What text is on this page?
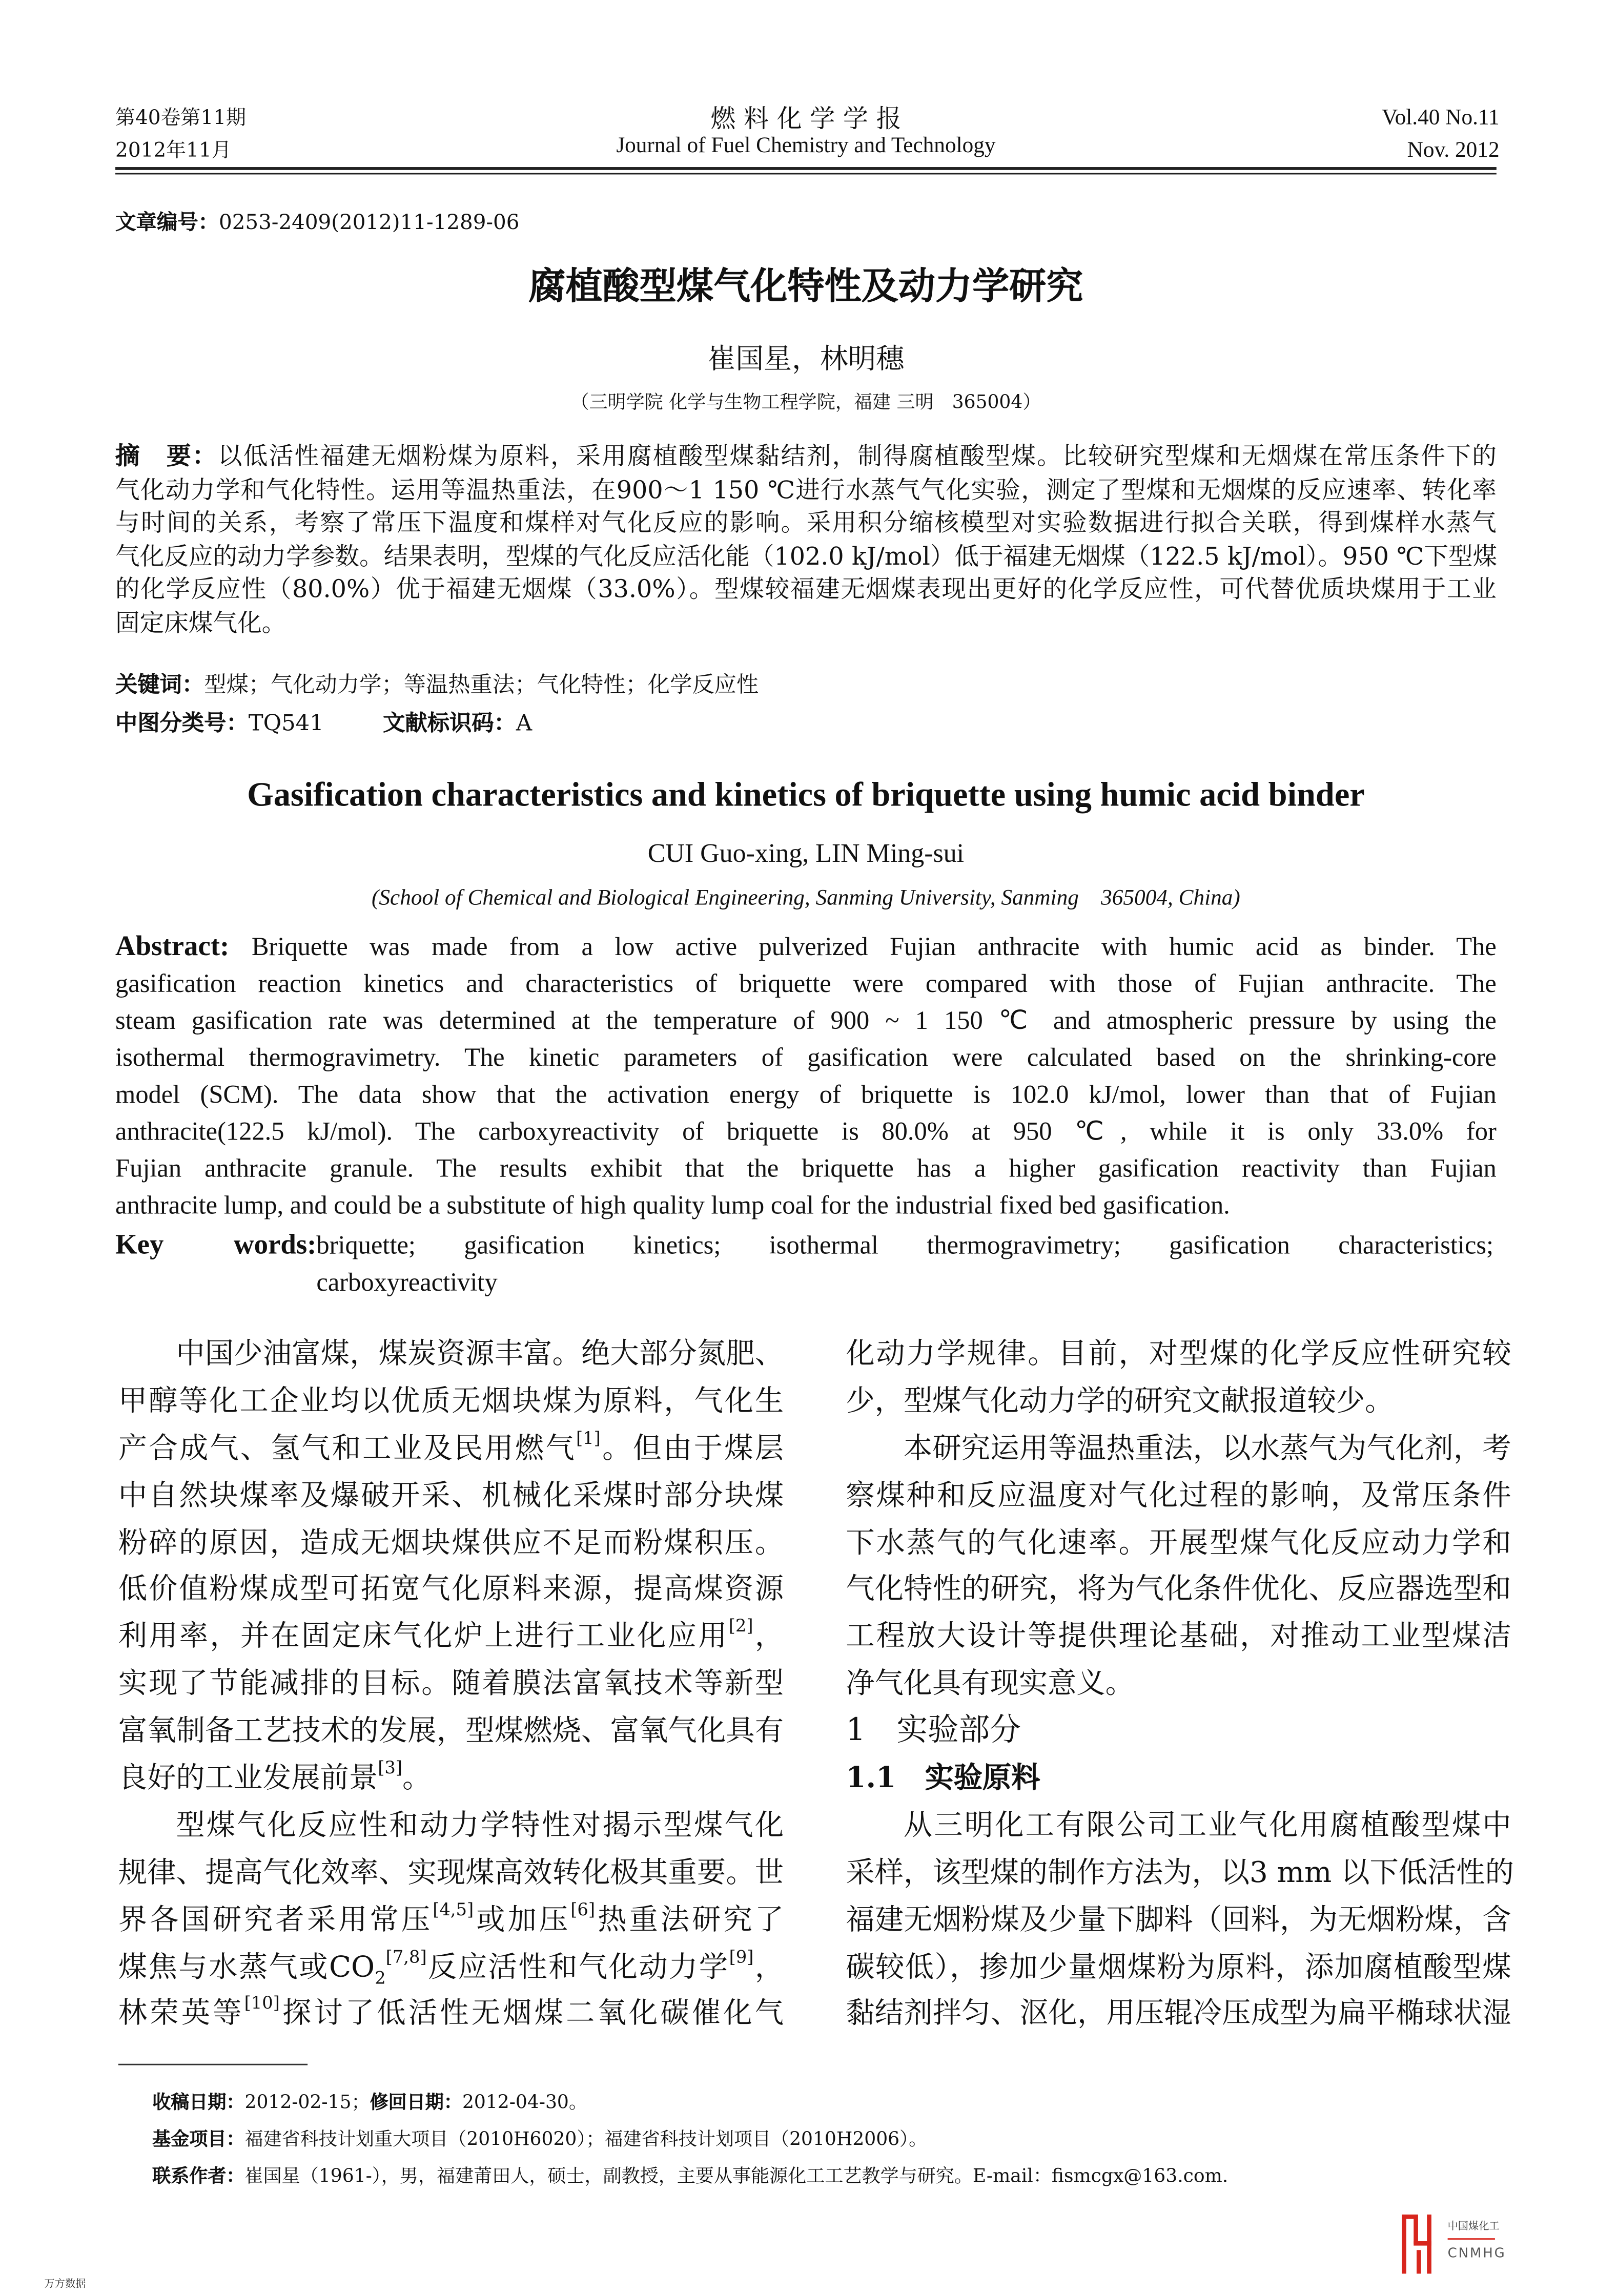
第40卷第11期
2012年11月
燃 料 化 学 学 报
Journal of Fuel Chemistry and Technology
Vol.40 No.11
Nov. 2012
文章编号：0253-2409(2012)11-1289-06
腐植酸型煤气化特性及动力学研究
崔国星，林明穗
（三明学院 化学与生物工程学院，福建 三明　365004）
摘　要：以低活性福建无烟粉煤为原料，采用腐植酸型煤黏结剂，制得腐植酸型煤。比较研究型煤和无烟煤在常压条件下的
气化动力学和气化特性。运用等温热重法，在900～1 150 ℃进行水蒸气气化实验，测定了型煤和无烟煤的反应速率、转化率
与时间的关系，考察了常压下温度和煤样对气化反应的影响。采用积分缩核模型对实验数据进行拟合关联，得到煤样水蒸气
气化反应的动力学参数。结果表明，型煤的气化反应活化能（102.0 kJ/mol）低于福建无烟煤（122.5 kJ/mol）。950 ℃下型煤
的化学反应性（80.0%）优于福建无烟煤（33.0%）。型煤较福建无烟煤表现出更好的化学反应性，可代替优质块煤用于工业
固定床煤气化。
关键词：型煤；气化动力学；等温热重法；气化特性；化学反应性
中图分类号：TQ541	文献标识码：A
Gasification characteristics and kinetics of briquette using humic acid binder
CUI Guo-xing, LIN Ming-sui
(School of Chemical and Biological Engineering, Sanming University, Sanming　365004, China)
Abstract: Briquette was made from a low active pulverized Fujian anthracite with humic acid as binder. The
gasification reaction kinetics and characteristics of briquette were compared with those of Fujian anthracite. The
steam gasification rate was determined at the temperature of 900 ~ 1 150 ℃ and atmospheric pressure by using the
isothermal thermogravimetry. The kinetic parameters of gasification were calculated based on the shrinking-core
model (SCM). The data show that the activation energy of briquette is 102.0 kJ/mol, lower than that of Fujian
anthracite(122.5 kJ/mol). The carboxyreactivity of briquette is 80.0% at 950 ℃, while it is only 33.0% for
Fujian anthracite granule. The results exhibit that the briquette has a higher gasification reactivity than Fujian
anthracite lump, and could be a substitute of high quality lump coal for the industrial fixed bed gasification.
Key words:briquette; gasification kinetics; isothermal thermogravimetry; gasification characteristics;
carboxyreactivity
中国少油富煤，煤炭资源丰富。绝大部分氮肥、
甲醇等化工企业均以优质无烟块煤为原料，气化生
产合成气、氢气和工业及民用燃气[1]。但由于煤层
中自然块煤率及爆破开采、机械化采煤时部分块煤
粉碎的原因，造成无烟块煤供应不足而粉煤积压。
低价值粉煤成型可拓宽气化原料来源，提高煤资源
利用率，并在固定床气化炉上进行工业化应用[2]，
实现了节能减排的目标。随着膜法富氧技术等新型
富氧制备工艺技术的发展，型煤燃烧、富氧气化具有
良好的工业发展前景[3]。
型煤气化反应性和动力学特性对揭示型煤气化
规律、提高气化效率、实现煤高效转化极其重要。世
界各国研究者采用常压[4,5]或加压[6]热重法研究了
煤焦与水蒸气或$CO_2[7,8]$反应活性和气化动力学[9]，
林荣英等[10]探讨了低活性无烟煤二氧化碳催化气
化动力学规律。目前，对型煤的化学反应性研究较
少，型煤气化动力学的研究文献报道较少。
本研究运用等温热重法，以水蒸气为气化剂，考
察煤种和反应温度对气化过程的影响，及常压条件
下水蒸气的气化速率。开展型煤气化反应动力学和
气化特性的研究，将为气化条件优化、反应器选型和
工程放大设计等提供理论基础，对推动工业型煤洁
净气化具有现实意义。
1　实验部分
1.1　实验原料
从三明化工有限公司工业气化用腐植酸型煤中
采样，该型煤的制作方法为，以3 mm 以下低活性的
福建无烟粉煤及少量下脚料（回料，为无烟粉煤，含
碳较低），掺加少量烟煤粉为原料，添加腐植酸型煤
黏结剂拌匀、沤化，用压辊冷压成型为扁平椭球状湿
收稿日期：2012-02-15；修回日期：2012-04-30。
基金项目：福建省科技计划重大项目（2010H6020）；福建省科技计划项目（2010H2006）。
联系作者：崔国星（1961-），男，福建莆田人，硕士，副教授，主要从事能源化工工艺教学与研究。E-mail：fismcgx@163.com.
中国煤化工
CNMHG
万方数据
